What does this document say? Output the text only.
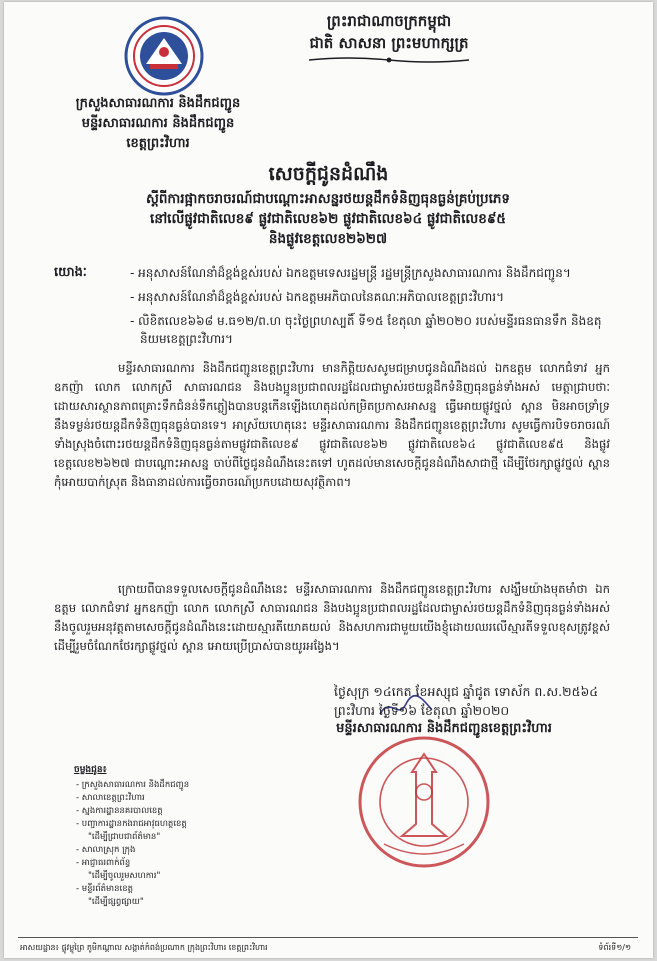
ព្រះរាជាណាចក្រកម្ពុជា
ជាតិ សាសនា ព្រះមហាក្សត្រ
ក្រសួងសាធារណការ និងដឹកជញ្ជូន
មន្ទីរសាធារណការ និងដឹកជញ្ជូន
ខេត្តព្រះវិហារ
សេចក្តីជូនដំណឹង
ស្តីពីការផ្អាកចរាចរណ៍ជាបណ្តោះអាសន្នរថយន្តដឹកទំនិញធុនធ្ងន់គ្រប់ប្រភេទ
នៅលើផ្លូវជាតិលេខ៩ ផ្លូវជាតិលេខ៦២ ផ្លូវជាតិលេខ៦៤ ផ្លូវជាតិលេខ៩៥
និងផ្លូវខេត្តលេខ២៦២៧
យោងៈ	- អនុសាសន៍ណែនាំដ៏ខ្ពង់ខ្ពស់របស់ ឯកឧត្តមទេសរដ្ឋមន្ត្រី រដ្ឋមន្ត្រីក្រសួងសាធារណការ និងដឹកជញ្ជូន។
- អនុសាសន៍ណែនាំដ៏ខ្ពង់ខ្ពស់របស់ ឯកឧត្តមអភិបាលនៃគណៈអភិបាលខេត្តព្រះវិហារ។
- លិខិតលេខ៦៦៨ ម.ធ១២/ព.ហ ចុះថ្ងៃព្រហស្បតិ៍ ទី១៥ ខែតុលា ឆ្នាំ២០២០ របស់មន្ទីរធនធានទឹក និងឧតុនិយមខេត្តព្រះវិហារ។
មន្ទីរសាធារណការ និងដឹកជញ្ជូនខេត្តព្រះវិហារ មានកិត្តិយសសូមជម្រាបជូនដំណឹងដល់ ឯកឧត្តម លោកជំទាវ អ្នកឧកញ៉ា លោក លោកស្រី សាធារណជន និងបងប្អូនប្រជាពលរដ្ឋដែលជាម្ចាស់រថយន្តដឹកទំនិញធុនធ្ងន់ទាំងអស់ មេត្តាជ្រាបថាៈ ដោយសារស្ថានភាពគ្រោះទឹកជំនន់ទឹកភ្លៀងបានបន្តកើនឡើងហេតុដល់កម្រិតប្រកាសអាសន្ន ធ្វើអោយផ្លូវថ្នល់ ស្ពាន មិនអាចទ្រាំទ្រនឹងទម្ងន់រថយន្តដឹកទំនិញធុនធ្ងន់បានទេ។ អាស្រ័យហេតុនេះ មន្ទីរសាធារណការ និងដឹកជញ្ជូនខេត្តព្រះវិហារ សូមធ្វើការបិទចរាចរណ៍ទាំងស្រុងចំពោះរថយន្តដឹកទំនិញធុនធ្ងន់តាមផ្លូវជាតិលេខ៩ ផ្លូវជាតិលេខ៦២ ផ្លូវជាតិលេខ៦៤ ផ្លូវជាតិលេខ៩៥ និងផ្លូវខេត្តលេខ២៦២៧ ជាបណ្តោះអាសន្ន ចាប់ពីថ្ងៃជូនដំណឹងនេះតទៅ ហូតដល់មានសេចក្តីជូនដំណឹងសាជាថ្មី ដើម្បីថែរក្សាផ្លូវថ្នល់ ស្ពាន កុំអោយបាក់ស្រុត និងធានាដល់ការធ្វើចរាចរណ៍ប្រកបដោយសុវត្ថិភាព។
ក្រោយពីបានទទួលសេចក្តីជូនដំណឹងនេះ មន្ទីរសាធារណការ និងដឹកជញ្ជូនខេត្តព្រះវិហារ សង្ឃឹមយ៉ាងមុតមាំថា ឯកឧត្តម លោកជំទាវ អ្នកឧកញ៉ា លោក លោកស្រី សាធារណជន និងបងប្អូនប្រជាពលរដ្ឋដែលជាម្ចាស់រថយន្តដឹកទំនិញធុនធ្ងន់ទាំងអស់ នឹងចូលរួមអនុវត្តតាមសេចក្តីជូនដំណឹងនេះដោយស្មារតីយោគយល់ និងសហការជាមួយយើងខ្ញុំដោយឈរលើស្មារតីទទួលខុសត្រូវខ្ពស់ ដើម្បីរួមចំណែកថែរក្សាផ្លូវថ្នល់ ស្ពាន អោយប្រើប្រាស់បានយូរអង្វែង។
ថ្ងៃសុក្រ ១៤កេត ខែអស្សុជ ឆ្នាំជូត ទោស័ក ព.ស.២៥៦៤
ព្រះវិហារ ថ្ងៃទី១៦ ខែតុលា ឆ្នាំ២០២០
មន្ទីរសាធារណការ និងដឹកជញ្ជូនខេត្តព្រះវិហារ
ចម្លងជូន៖
- ក្រសួងសាធារណការ និងដឹកជញ្ជូន
- សាលាខេត្តព្រះវិហារ
- ស្នងការដ្ឋាននគរបាលខេត្ត
- បញ្ជាការដ្ឋានកងរាជអាវុធហត្ថខេត្ត
"ដើម្បីជ្រាបជាព័ត៌មាន"
- សាលាស្រុក ក្រុង
- អាជ្ញាធរពាក់ព័ន្ធ
"ដើម្បីចូលរួមសហការ"
- មន្ទីរព័ត៌មានខេត្ត
"ដើម្បីផ្សព្វផ្សាយ"
អាសយដ្ឋាន៖ ផ្លូវម្លូព្រៃ ភូមិកណ្តាល សង្កាត់កំពង់ប្រណាក ក្រុងព្រះវិហារ ខេត្តព្រះវិហារ	ទំព័រទី១/១
